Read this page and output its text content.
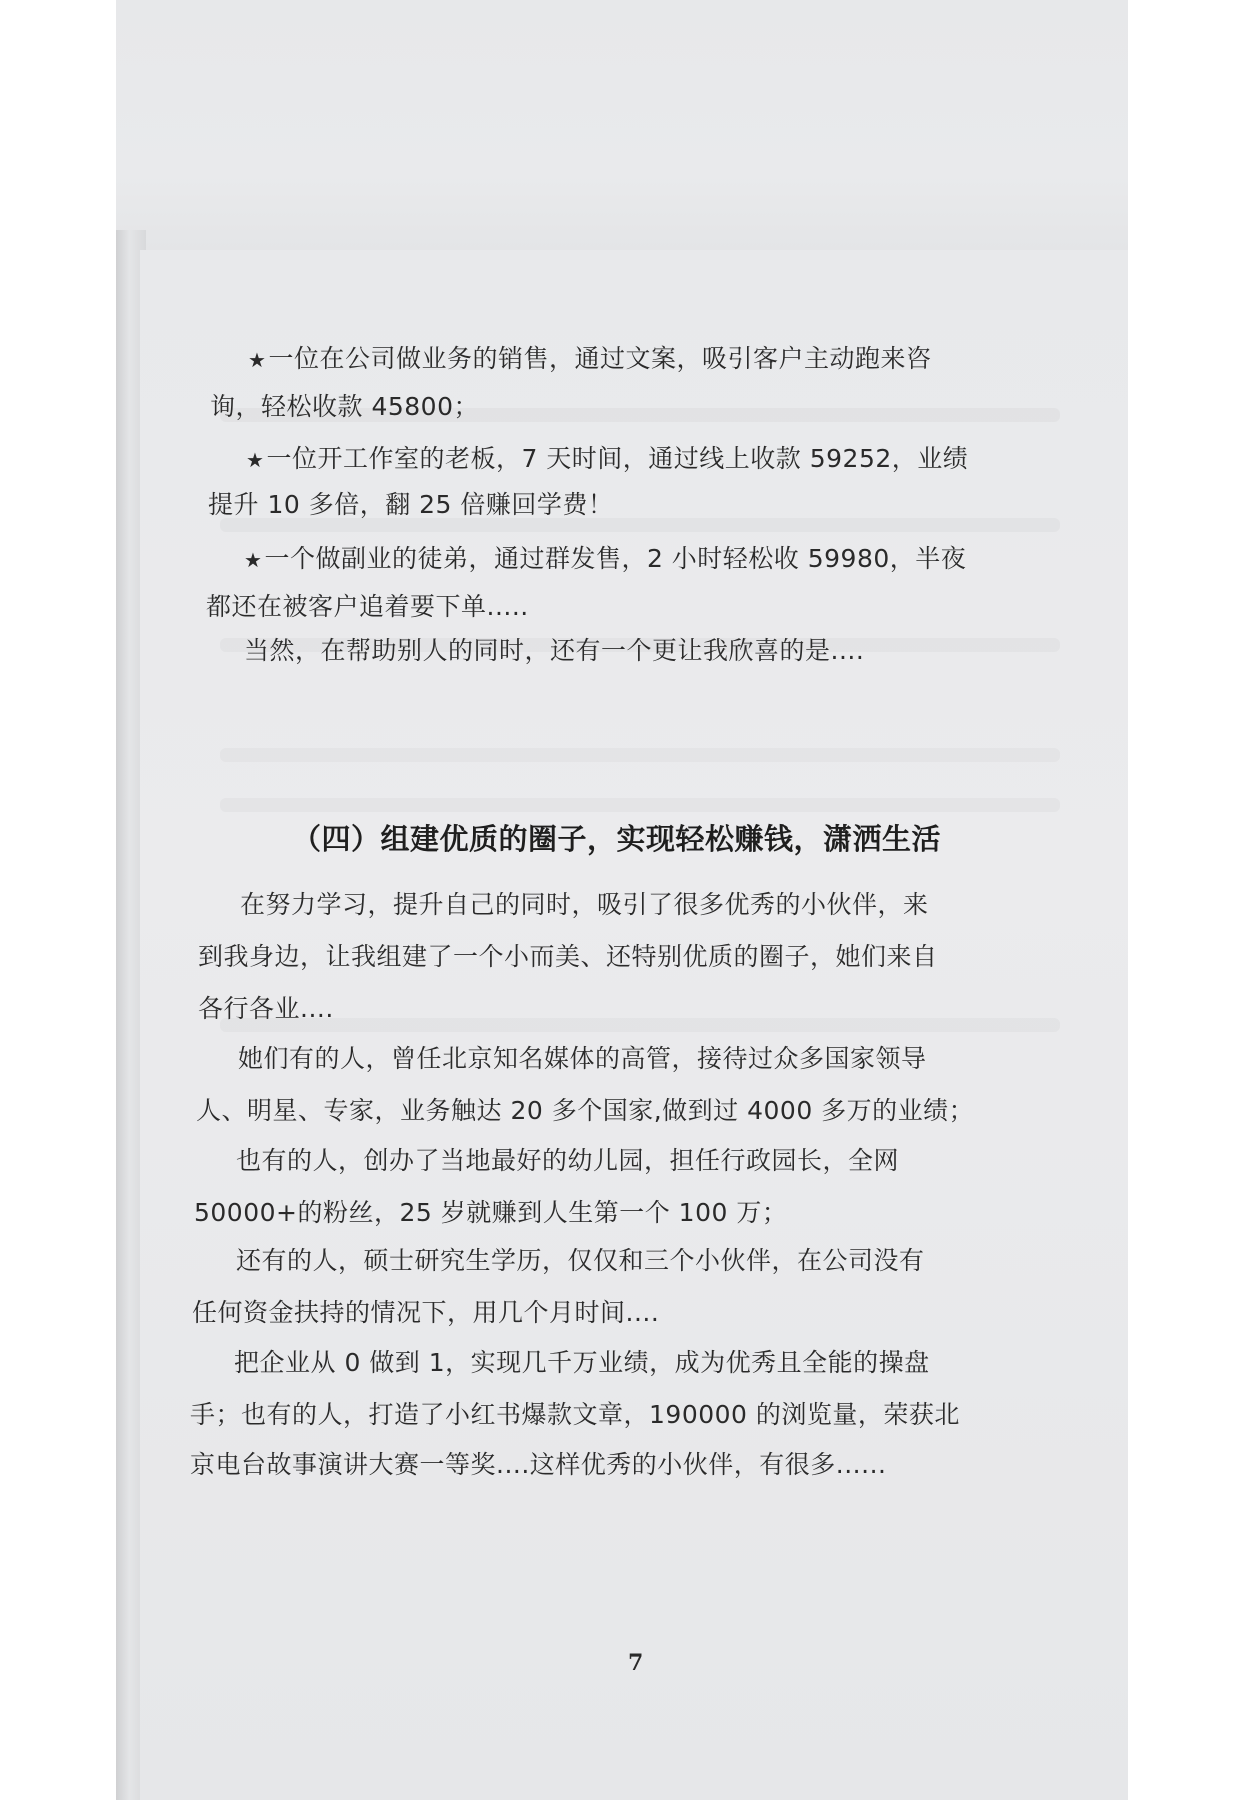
★一位在公司做业务的销售，通过文案，吸引客户主动跑来咨
询，轻松收款 45800；
★一位开工作室的老板，7 天时间，通过线上收款 59252，业绩
提升 10 多倍，翻 25 倍赚回学费！
★一个做副业的徒弟，通过群发售，2 小时轻松收 59980，半夜
都还在被客户追着要下单.....
当然，在帮助别人的同时，还有一个更让我欣喜的是....
（四）组建优质的圈子，实现轻松赚钱，潇洒生活
在努力学习，提升自己的同时，吸引了很多优秀的小伙伴，来
到我身边，让我组建了一个小而美、还特别优质的圈子，她们来自
各行各业....
她们有的人，曾任北京知名媒体的高管，接待过众多国家领导
人、明星、专家，业务触达 20 多个国家,做到过 4000 多万的业绩；
也有的人，创办了当地最好的幼儿园，担任行政园长，全网
50000+的粉丝，25 岁就赚到人生第一个 100 万；
还有的人，硕士研究生学历，仅仅和三个小伙伴，在公司没有
任何资金扶持的情况下，用几个月时间....
把企业从 0 做到 1，实现几千万业绩，成为优秀且全能的操盘
手；也有的人，打造了小红书爆款文章，190000 的浏览量，荣获北
京电台故事演讲大赛一等奖....这样优秀的小伙伴，有很多......
7
